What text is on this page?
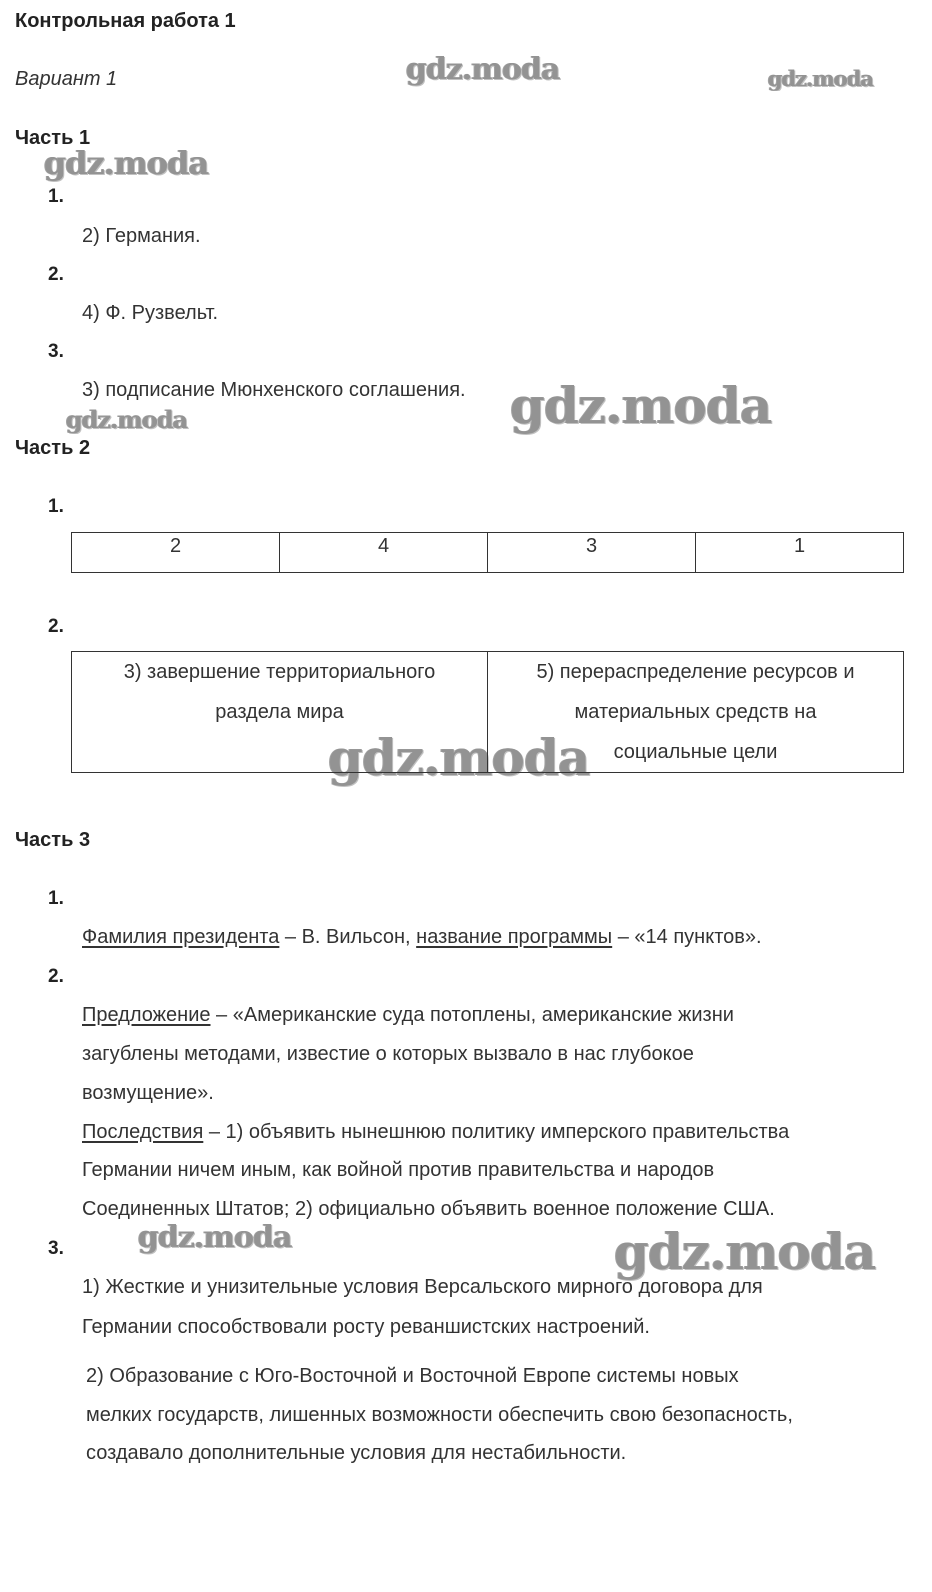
Контрольная работа 1
Вариант 1	gdz.moda	gdz.moda
gdz.moda
gdz.moda
gdz.moda
gdz.moda
gdz.moda	gdz.moda
Часть 1
1.
2) Германия.
2.
4) Ф. Рузвельт.
3.
3) подписание Мюнхенского соглашения.
Часть 2
1.
2	4	3	1
2.
3) завершение территориального
раздела мира

5) перераспределение ресурсов и
материальных средств на
социальные цели
Часть 3
1.
Фамилия президента – В. Вильсон, название программы – «14 пунктов».
2.
Предложение – «Американские суда потоплены, американские жизни
загублены методами, известие о которых вызвало в нас глубокое
возмущение».
Последствия – 1) объявить нынешнюю политику имперского правительства
Германии ничем иным, как войной против правительства и народов
Соединенных Штатов; 2) официально объявить военное положение США.
3.
1) Жесткие и унизительные условия Версальского мирного договора для
Германии способствовали росту реваншистских настроений.
2) Образование с Юго-Восточной и Восточной Европе системы новых
мелких государств, лишенных возможности обеспечить свою безопасность,
создавало дополнительные условия для нестабильности.
